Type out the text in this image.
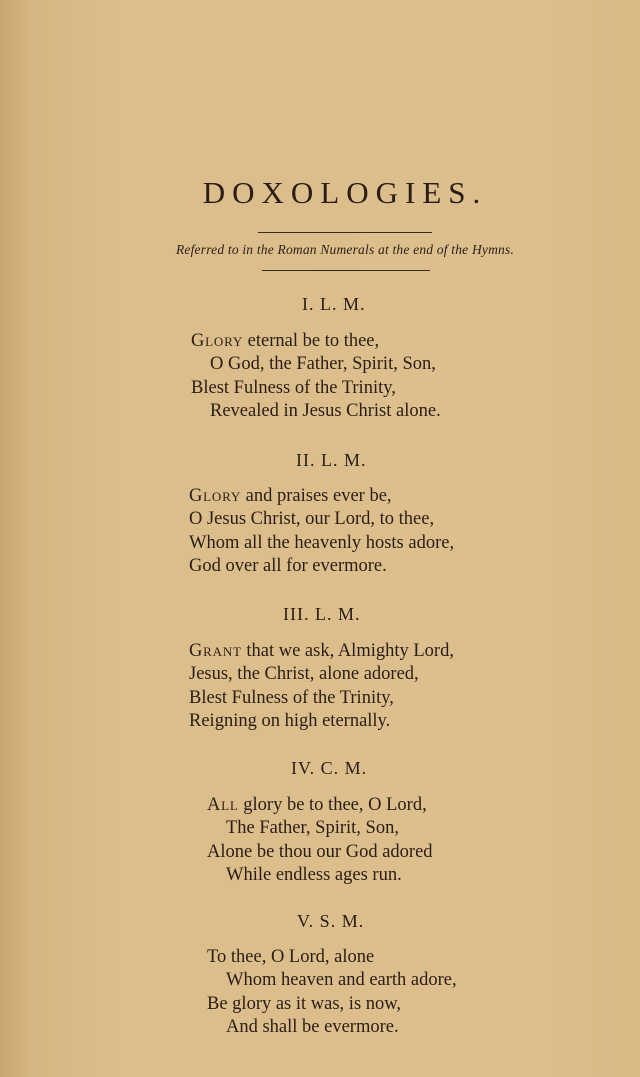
DOXOLOGIES.
Referred to in the Roman Numerals at the end of the Hymns.
I. L. M.
Glory eternal be to thee,
O God, the Father, Spirit, Son,
Blest Fulness of the Trinity,
Revealed in Jesus Christ alone.
II. L. M.
Glory and praises ever be,
O Jesus Christ, our Lord, to thee,
Whom all the heavenly hosts adore,
God over all for evermore.
III. L. M.
Grant that we ask, Almighty Lord,
Jesus, the Christ, alone adored,
Blest Fulness of the Trinity,
Reigning on high eternally.
IV. C. M.
All glory be to thee, O Lord,
The Father, Spirit, Son,
Alone be thou our God adored
While endless ages run.
V. S. M.
To thee, O Lord, alone
Whom heaven and earth adore,
Be glory as it was, is now,
And shall be evermore.
